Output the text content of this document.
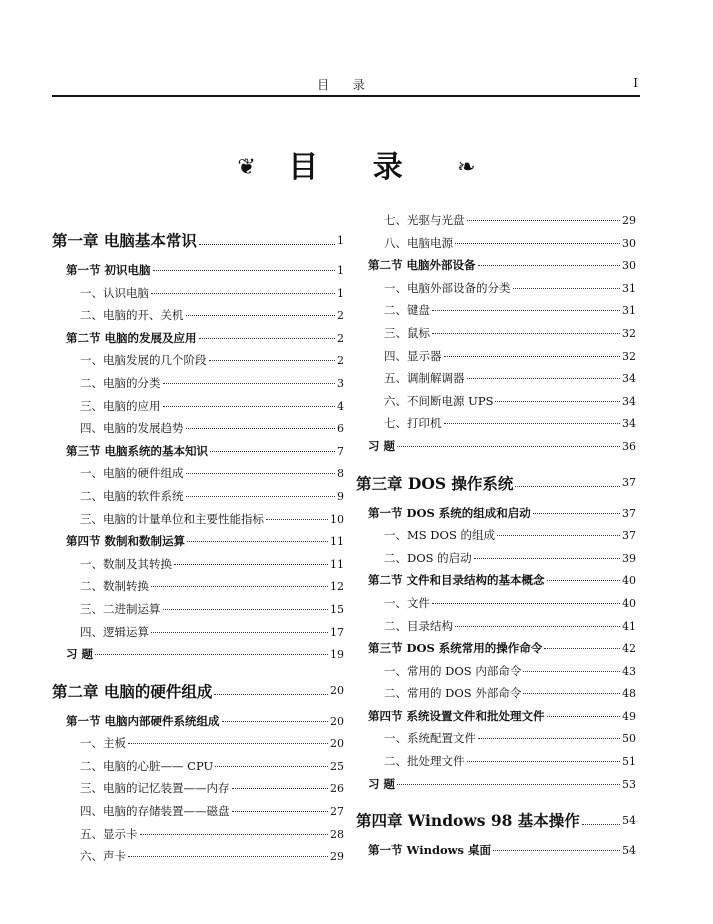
目 录	I
❦ 目 录 ❧
第一章 电脑基本常识	1
第一节 初识电脑	1
一、认识电脑	1
二、电脑的开、关机	2
第二节 电脑的发展及应用	2
一、电脑发展的几个阶段	2
二、电脑的分类	3
三、电脑的应用	4
四、电脑的发展趋势	6
第三节 电脑系统的基本知识	7
一、电脑的硬件组成	8
二、电脑的软件系统	9
三、电脑的计量单位和主要性能指标	10
第四节 数制和数制运算	11
一、数制及其转换	11
二、数制转换	12
三、二进制运算	15
四、逻辑运算	17
习 题	19
第二章 电脑的硬件组成	20
第一节 电脑内部硬件系统组成	20
一、主板	20
二、电脑的心脏—— CPU	25
三、电脑的记忆装置——内存	26
四、电脑的存储装置——磁盘	27
五、显示卡	28
六、声卡	29
七、光驱与光盘	29
八、电脑电源	30
第二节 电脑外部设备	30
一、电脑外部设备的分类	31
二、键盘	31
三、鼠标	32
四、显示器	32
五、调制解调器	34
六、不间断电源 UPS	34
七、打印机	34
习 题	36
第三章 DOS 操作系统	37
第一节 DOS 系统的组成和启动	37
一、MS DOS 的组成	37
二、DOS 的启动	39
第二节 文件和目录结构的基本概念	40
一、文件	40
二、目录结构	41
第三节 DOS 系统常用的操作命令	42
一、常用的 DOS 内部命令	43
二、常用的 DOS 外部命令	48
第四节 系统设置文件和批处理文件	49
一、系统配置文件	50
二、批处理文件	51
习 题	53
第四章 Windows 98 基本操作	54
第一节 Windows 桌面	54
